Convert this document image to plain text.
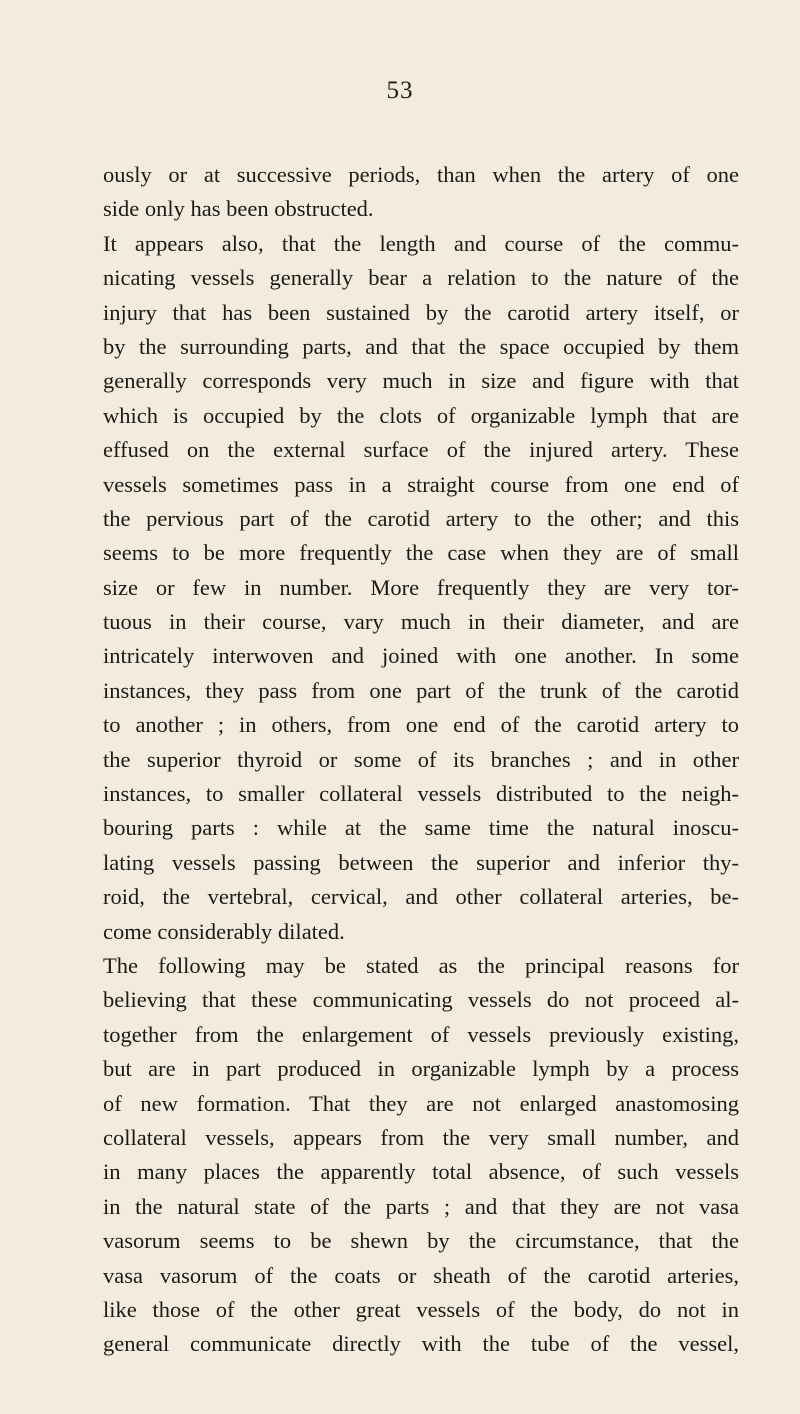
53
ously or at successive periods, than when the artery of one
side only has been obstructed.
It appears also, that the length and course of the commu-
nicating vessels generally bear a relation to the nature of the
injury that has been sustained by the carotid artery itself, or
by the surrounding parts, and that the space occupied by them
generally corresponds very much in size and figure with that
which is occupied by the clots of organizable lymph that are
effused on the external surface of the injured artery. These
vessels sometimes pass in a straight course from one end of
the pervious part of the carotid artery to the other; and this
seems to be more frequently the case when they are of small
size or few in number. More frequently they are very tor-
tuous in their course, vary much in their diameter, and are
intricately interwoven and joined with one another. In some
instances, they pass from one part of the trunk of the carotid
to another ; in others, from one end of the carotid artery to
the superior thyroid or some of its branches ; and in other
instances, to smaller collateral vessels distributed to the neigh-
bouring parts : while at the same time the natural inoscu-
lating vessels passing between the superior and inferior thy-
roid, the vertebral, cervical, and other collateral arteries, be-
come considerably dilated.
The following may be stated as the principal reasons for
believing that these communicating vessels do not proceed al-
together from the enlargement of vessels previously existing,
but are in part produced in organizable lymph by a process
of new formation. That they are not enlarged anastomosing
collateral vessels, appears from the very small number, and
in many places the apparently total absence, of such vessels
in the natural state of the parts ; and that they are not vasa
vasorum seems to be shewn by the circumstance, that the
vasa vasorum of the coats or sheath of the carotid arteries,
like those of the other great vessels of the body, do not in
general communicate directly with the tube of the vessel,
